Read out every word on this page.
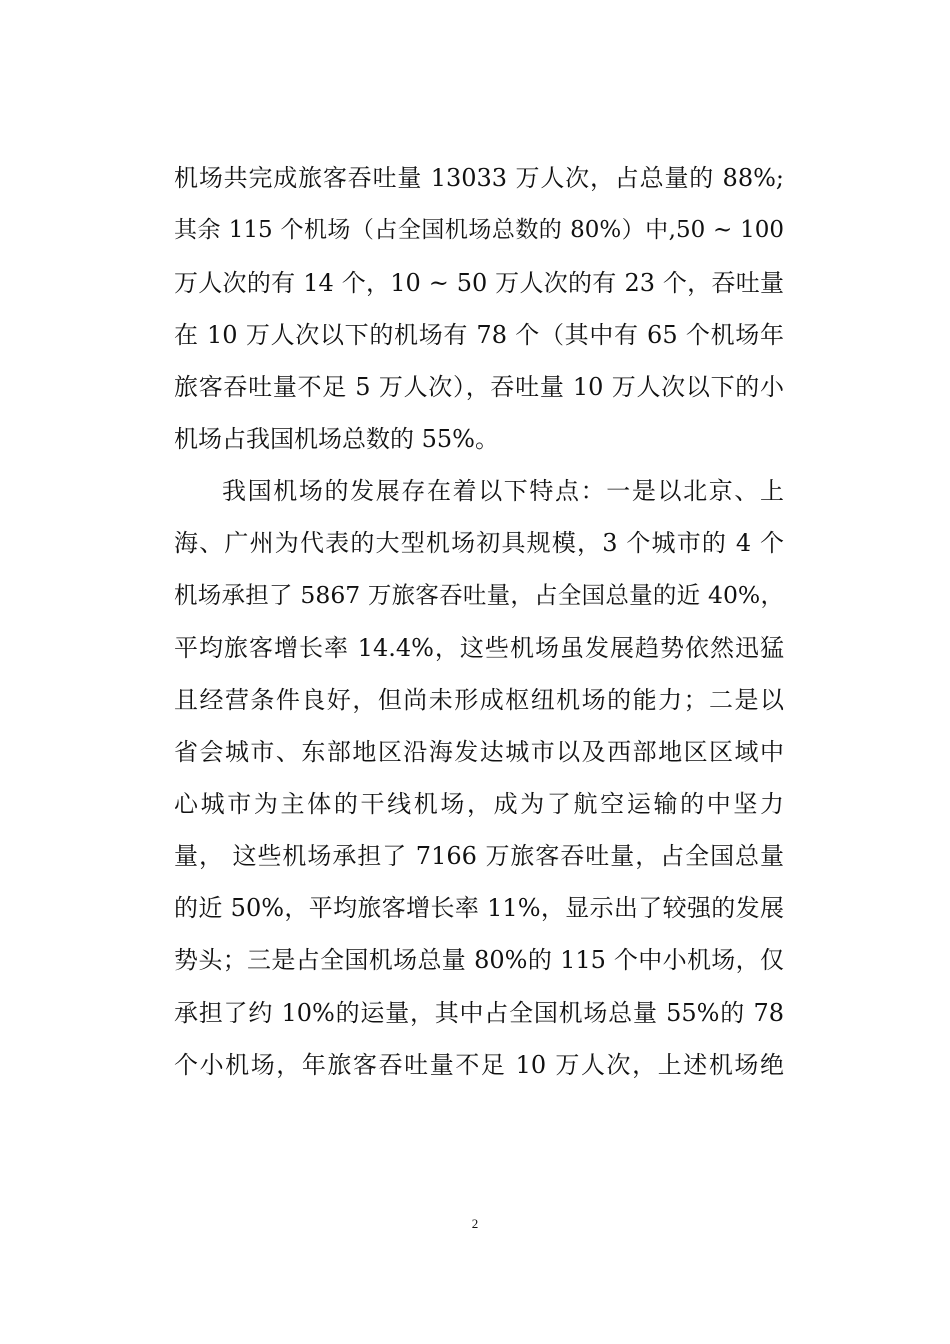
机场共完成旅客吞吐量 13033 万人次，占总量的 88%;
其余 115 个机场（占全国机场总数的 80%）中,50 ~ 100
万人次的有 14 个，10 ~ 50 万人次的有 23 个，吞吐量
在 10 万人次以下的机场有 78 个（其中有 65 个机场年
旅客吞吐量不足 5 万人次），吞吐量 10 万人次以下的小
机场占我国机场总数的 55%。
我国机场的发展存在着以下特点：一是以北京、上
海、广州为代表的大型机场初具规模，3 个城市的 4 个
机场承担了 5867 万旅客吞吐量，占全国总量的近 40%，
平均旅客增长率 14.4%，这些机场虽发展趋势依然迅猛
且经营条件良好，但尚未形成枢纽机场的能力；二是以
省会城市、东部地区沿海发达城市以及西部地区区域中
心城市为主体的干线机场，成为了航空运输的中坚力
量， 这些机场承担了 7166 万旅客吞吐量，占全国总量
的近 50%，平均旅客增长率 11%，显示出了较强的发展
势头；三是占全国机场总量 80%的 115 个中小机场，仅
承担了约 10%的运量，其中占全国机场总量 55%的 78
个小机场，年旅客吞吐量不足 10 万人次，上述机场绝
2
